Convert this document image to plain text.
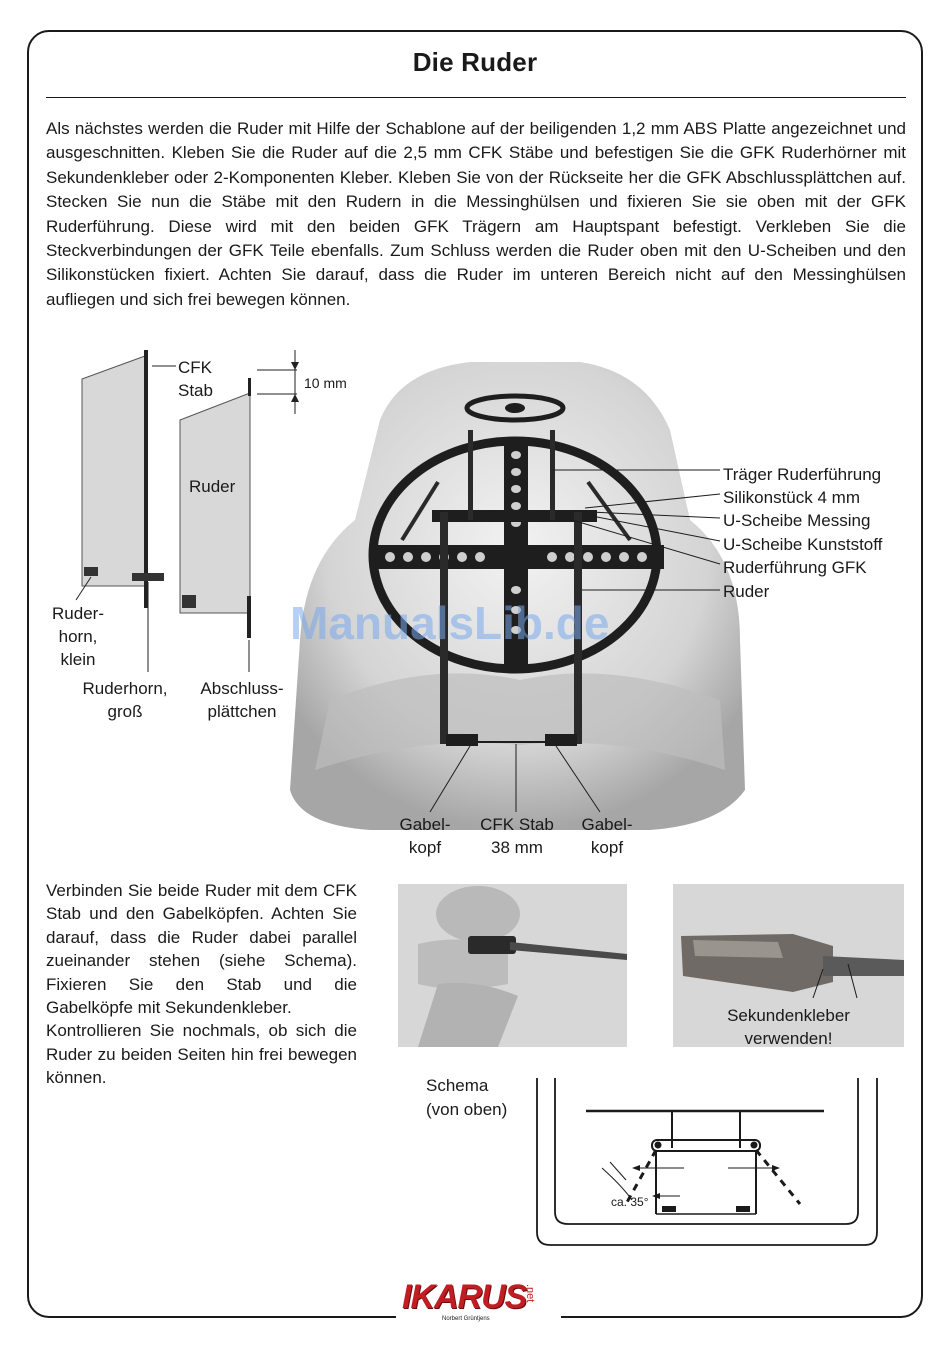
Die Ruder

Als nächstes werden die Ruder mit Hilfe der Schablone auf der beiligenden 1,2 mm ABS Platte angezeichnet und ausgeschnitten. Kleben Sie die Ruder auf die 2,5 mm CFK Stäbe und befestigen Sie die GFK Ruderhörner mit Sekundenkleber oder 2-Komponenten Kleber. Kleben Sie von der Rückseite her die GFK Abschlussplättchen auf. Stecken Sie nun die Stäbe mit den Rudern in die Messinghülsen und fixieren Sie sie oben mit der GFK Ruderführung. Diese wird mit den beiden GFK Trägern am Hauptspant befestigt. Verkleben Sie die Steckverbindungen der GFK Teile ebenfalls. Zum Schluss werden die Ruder oben mit den U-Scheiben und den Silikonstücken fixiert. Achten Sie darauf, dass die Ruder im unteren Bereich nicht auf den Messinghülsen aufliegen und sich frei bewegen können.

CFK
Stab	10 mm
Ruder
Ruder-
horn,
klein
Ruderhorn,
groß
Abschluss-
plättchen
ManualsLib.de
Träger Ruderführung
Silikonstück 4 mm
U-Scheibe Messing
U-Scheibe Kunststoff
Ruderführung GFK
Ruder
Gabel-
kopf
CFK Stab
38 mm
Gabel-
kopf
Verbinden Sie beide Ruder mit dem CFK Stab und den Gabelköpfen. Achten Sie darauf, dass die Ruder dabei parallel zueinander stehen (siehe Schema). Fixieren Sie den Stab und die Gabelköpfe mit Sekundenkleber.
Kontrollieren Sie nochmals, ob sich die Ruder zu beiden Seiten hin frei bewegen können.
Sekundenkleber
verwenden!
Schema
(von oben)
ca. 35°
IKARUS
.net
Norbert Grüntjens
